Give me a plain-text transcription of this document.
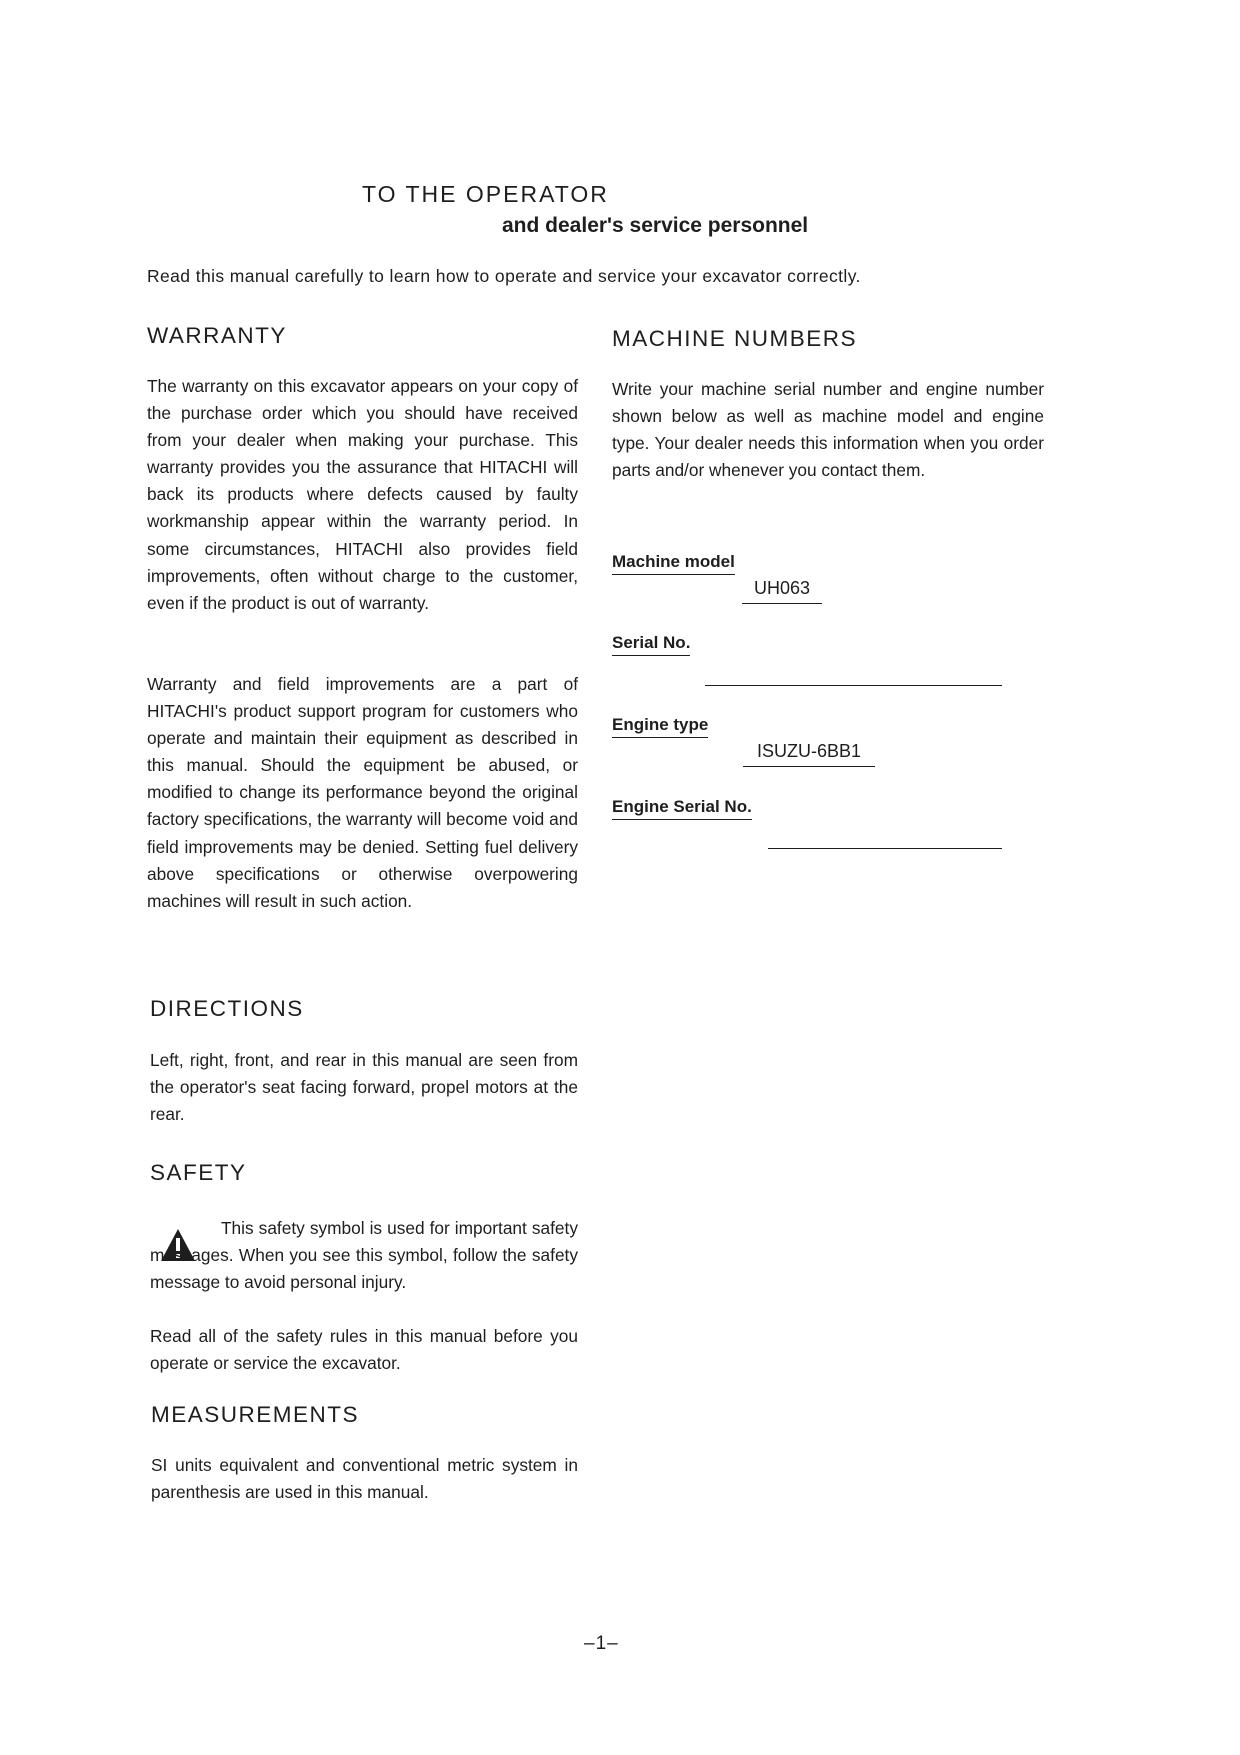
TO THE OPERATOR
and dealer's service personnel

Read this manual carefully to learn how to operate and service your excavator correctly.

WARRANTY

The warranty on this excavator appears on your copy of the purchase order which you should have received from your dealer when making your purchase. This warranty provides you the assurance that HITACHI will back its products where defects caused by faulty workmanship appear within the warranty period. In some circumstances, HITACHI also provides field improvements, often without charge to the customer, even if the product is out of warranty.

Warranty and field improvements are a part of HITACHI's product support program for customers who operate and maintain their equipment as described in this manual. Should the equipment be abused, or modified to change its performance beyond the original factory specifications, the warranty will become void and field improvements may be denied. Setting fuel delivery above specifications or otherwise overpowering machines will result in such action.

DIRECTIONS

Left, right, front, and rear in this manual are seen from the operator's seat facing forward, propel motors at the rear.

SAFETY

This safety symbol is used for important safety messages. When you see this symbol, follow the safety message to avoid personal injury.

Read all of the safety rules in this manual before you operate or service the excavator.

MEASUREMENTS

SI units equivalent and conventional metric system in parenthesis are used in this manual.

MACHINE NUMBERS

Write your machine serial number and engine number shown below as well as machine model and engine type. Your dealer needs this information when you order parts and/or whenever you contact them.

Machine model
UH063
Serial No.
Engine type
ISUZU-6BB1
Engine Serial No.

–1–
